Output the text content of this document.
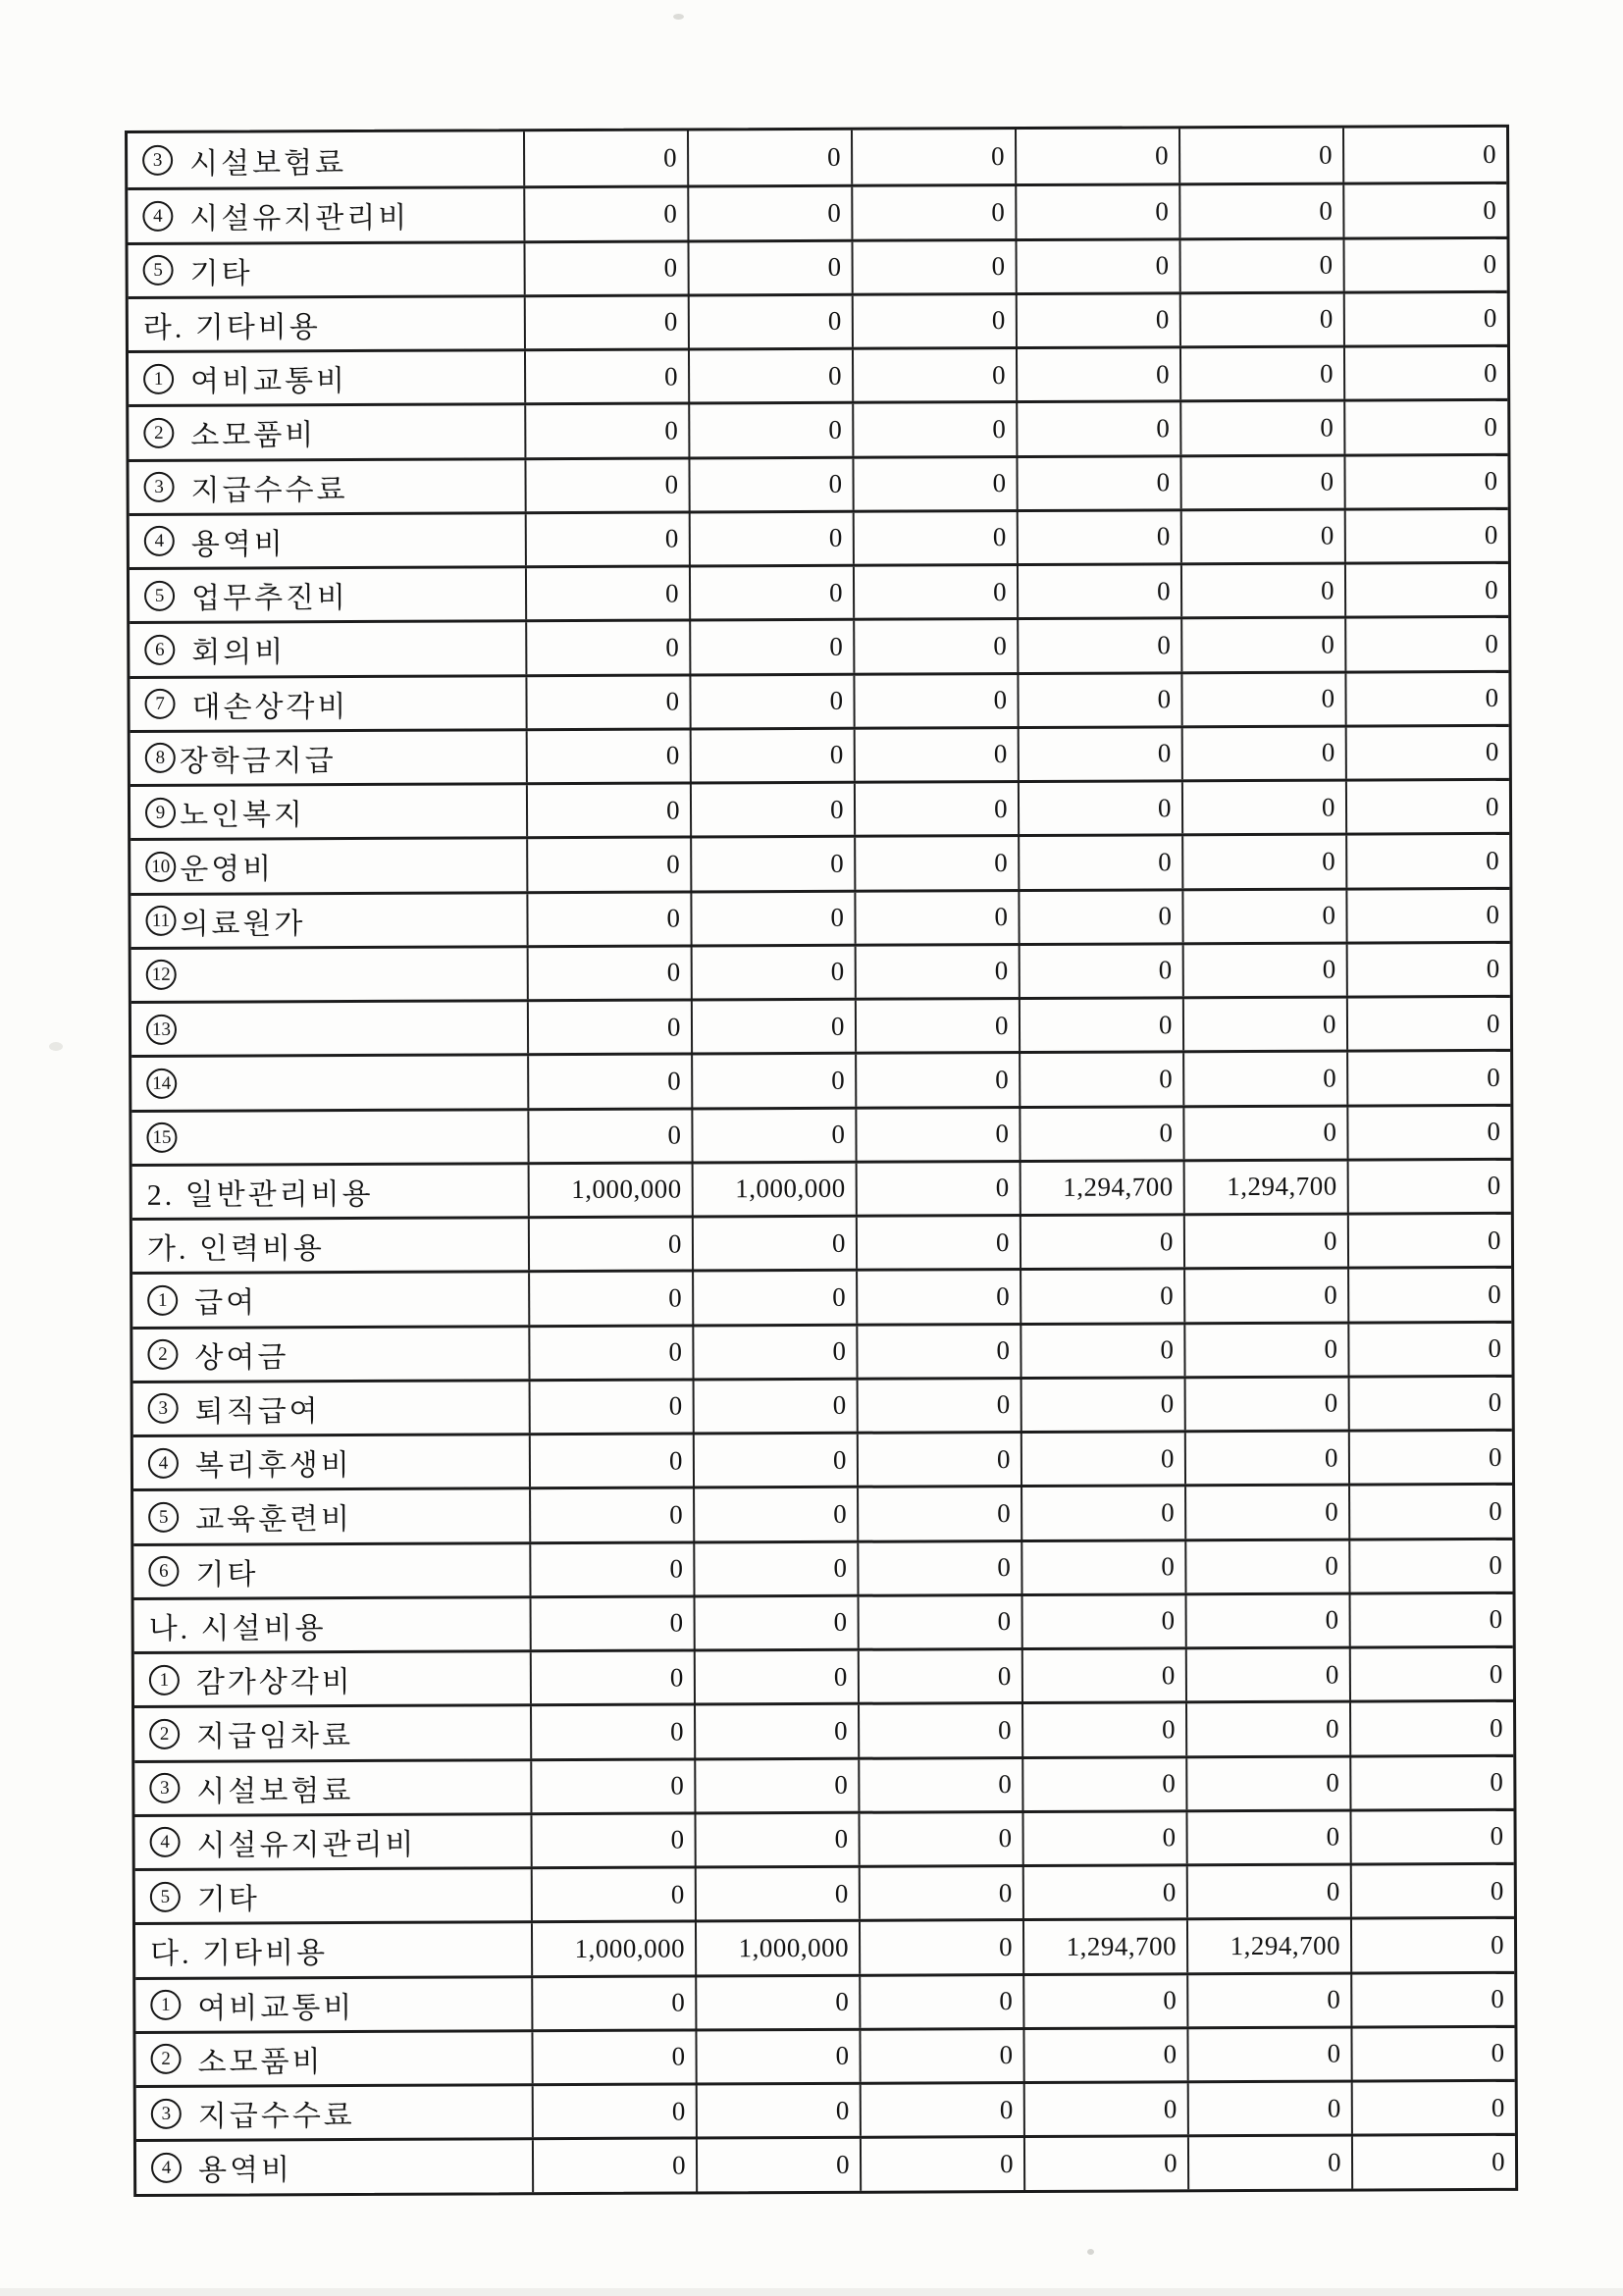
3 시설보험료	0	0	0	0	0	0
4 시설유지관리비	0	0	0	0	0	0
5 기타	0	0	0	0	0	0
라. 기타비용	0	0	0	0	0	0
1 여비교통비	0	0	0	0	0	0
2 소모품비	0	0	0	0	0	0
3 지급수수료	0	0	0	0	0	0
4 용역비	0	0	0	0	0	0
5 업무추진비	0	0	0	0	0	0
6 회의비	0	0	0	0	0	0
7 대손상각비	0	0	0	0	0	0
8 장학금지급	0	0	0	0	0	0
9 노인복지	0	0	0	0	0	0
10 운영비	0	0	0	0	0	0
11 의료원가	0	0	0	0	0	0
12	0	0	0	0	0	0
13	0	0	0	0	0	0
14	0	0	0	0	0	0
15	0	0	0	0	0	0
2. 일반관리비용	1,000,000	1,000,000	0	1,294,700	1,294,700	0
가. 인력비용	0	0	0	0	0	0
1 급여	0	0	0	0	0	0
2 상여금	0	0	0	0	0	0
3 퇴직급여	0	0	0	0	0	0
4 복리후생비	0	0	0	0	0	0
5 교육훈련비	0	0	0	0	0	0
6 기타	0	0	0	0	0	0
나. 시설비용	0	0	0	0	0	0
1 감가상각비	0	0	0	0	0	0
2 지급임차료	0	0	0	0	0	0
3 시설보험료	0	0	0	0	0	0
4 시설유지관리비	0	0	0	0	0	0
5 기타	0	0	0	0	0	0
다. 기타비용	1,000,000	1,000,000	0	1,294,700	1,294,700	0
1 여비교통비	0	0	0	0	0	0
2 소모품비	0	0	0	0	0	0
3 지급수수료	0	0	0	0	0	0
4 용역비	0	0	0	0	0	0
